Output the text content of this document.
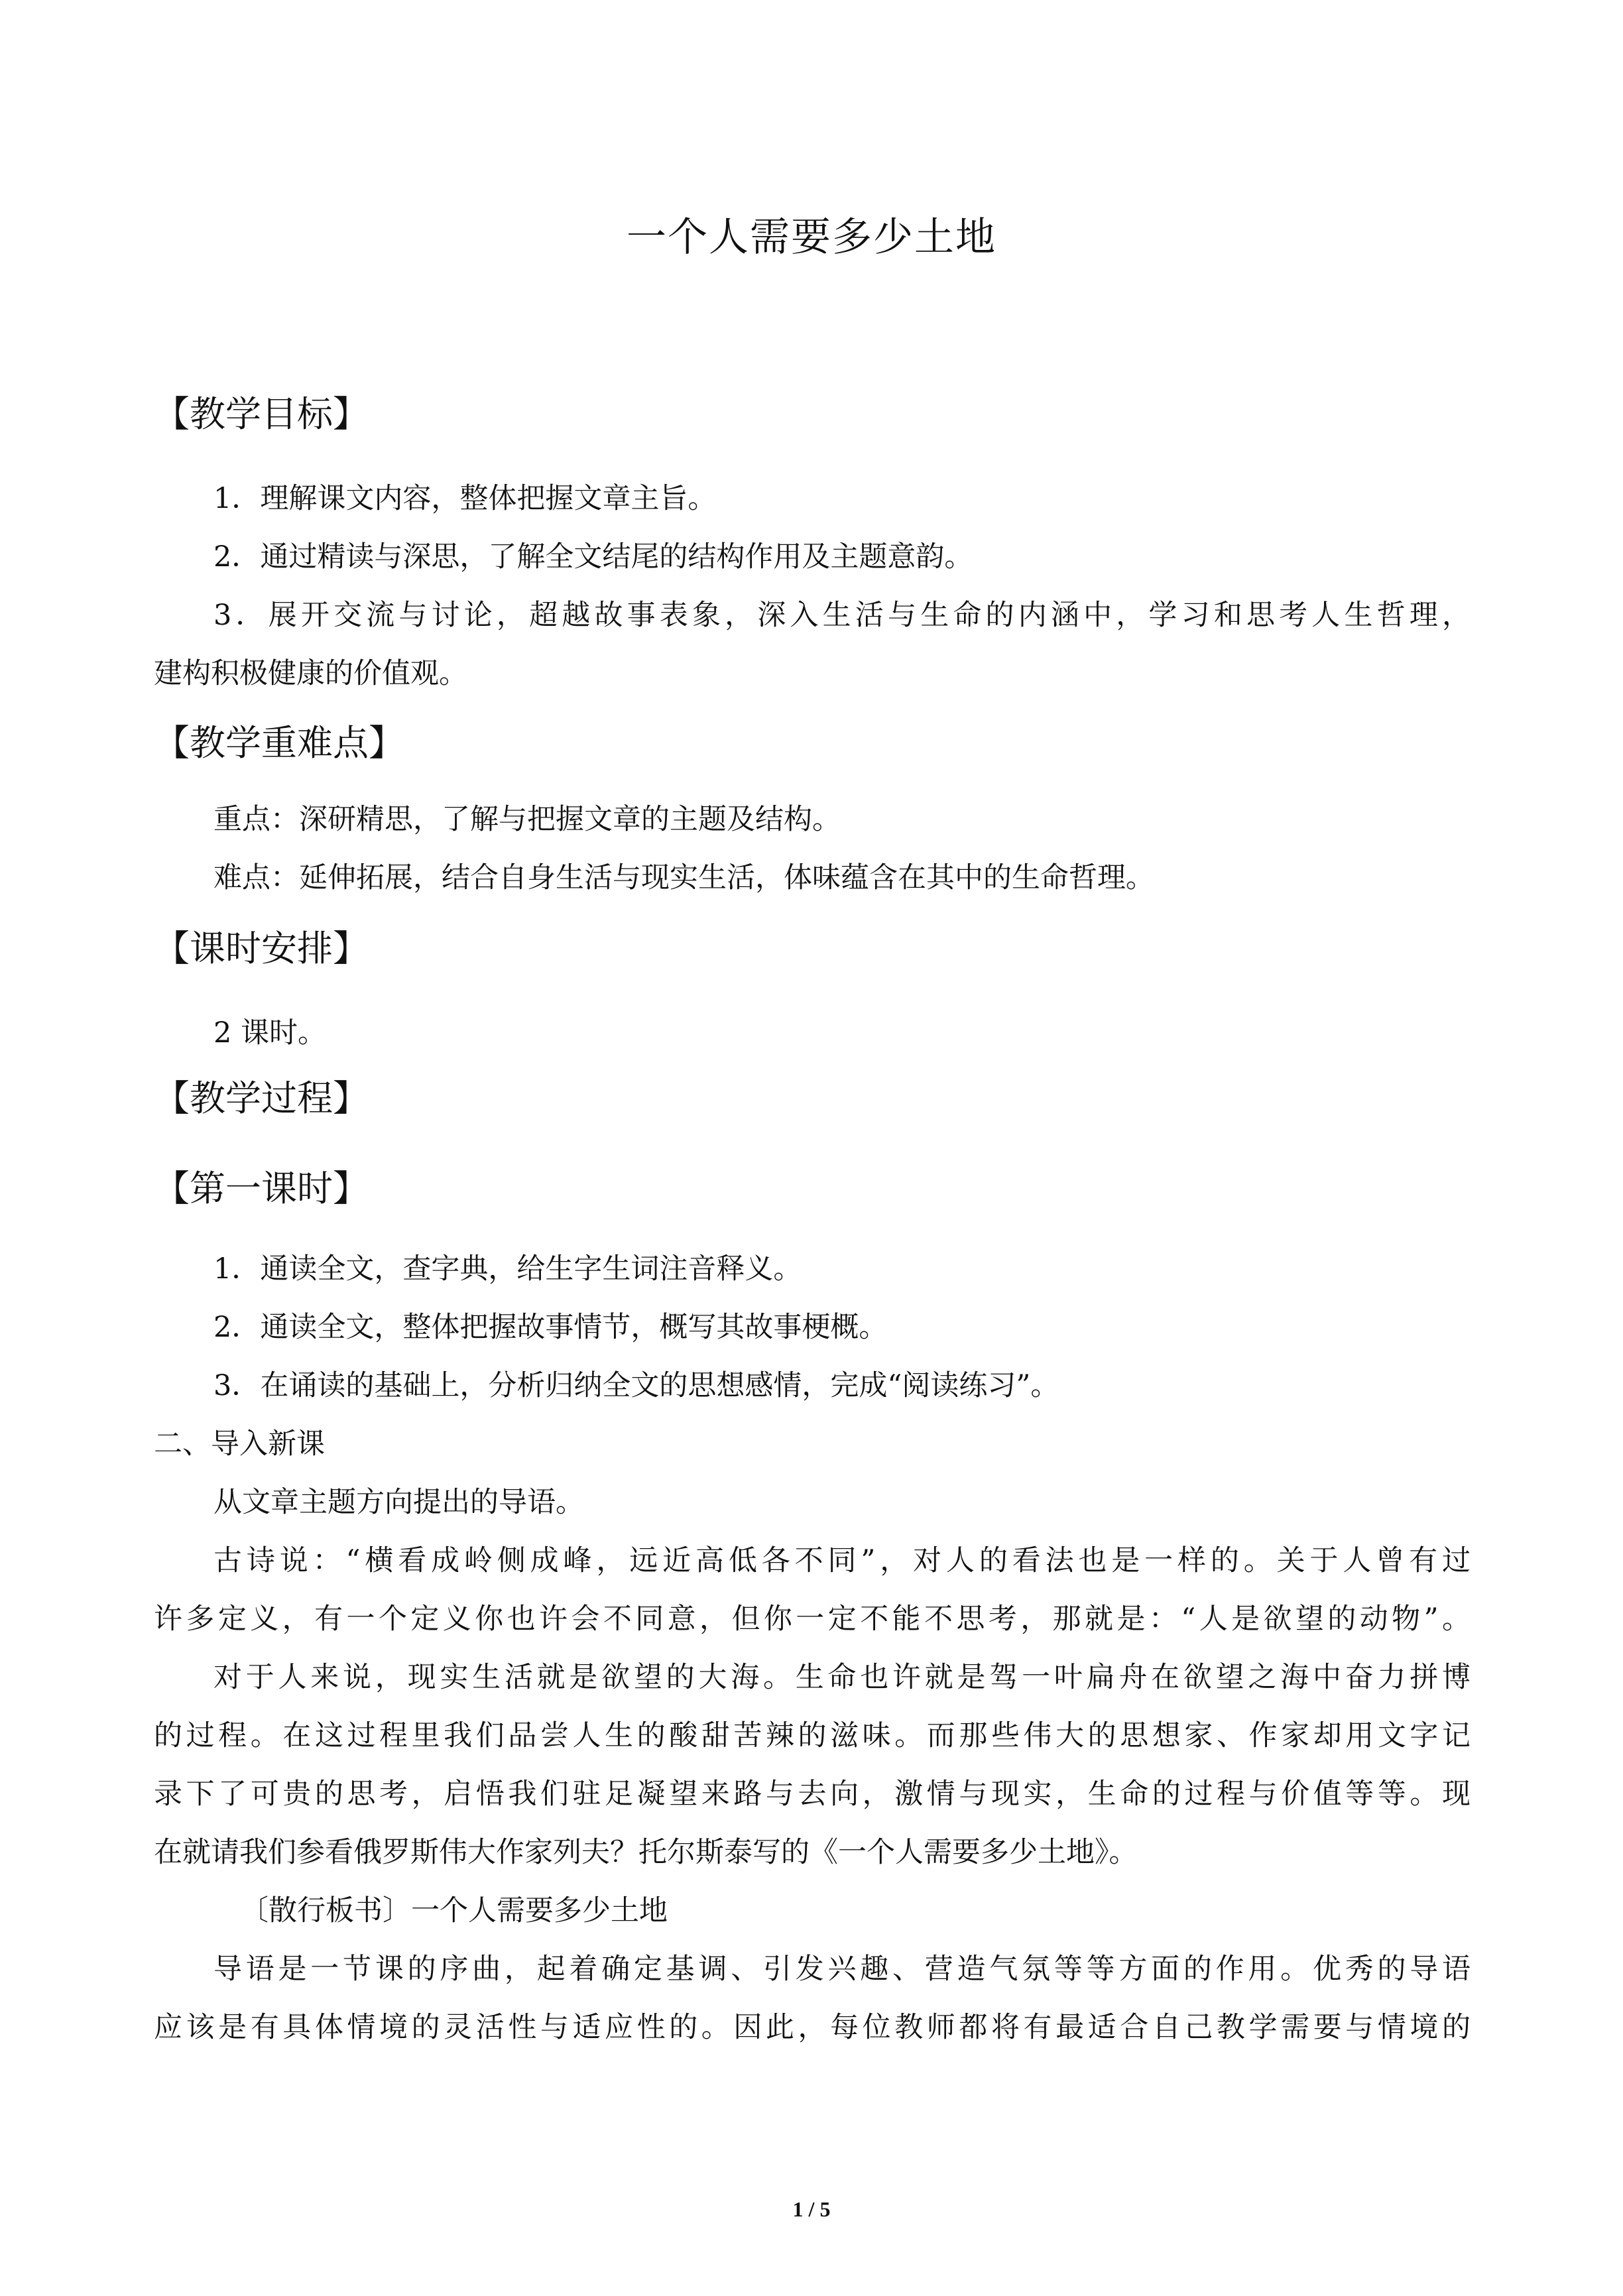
一个人需要多少土地
【教学目标】
1．理解课文内容，整体把握文章主旨。
2．通过精读与深思，了解全文结尾的结构作用及主题意韵。
3．展开交流与讨论，超越故事表象，深入生活与生命的内涵中，学习和思考人生哲理，
建构积极健康的价值观。
【教学重难点】
重点：深研精思，了解与把握文章的主题及结构。
难点：延伸拓展，结合自身生活与现实生活，体味蕴含在其中的生命哲理。
【课时安排】
2 课时。
【教学过程】
【第一课时】
1．通读全文，查字典，给生字生词注音释义。
2．通读全文，整体把握故事情节，概写其故事梗概。
3．在诵读的基础上，分析归纳全文的思想感情，完成“阅读练习”。
二、导入新课
从文章主题方向提出的导语。
古诗说：“横看成岭侧成峰，远近高低各不同”，对人的看法也是一样的。关于人曾有过
许多定义，有一个定义你也许会不同意，但你一定不能不思考，那就是：“人是欲望的动物”。
对于人来说，现实生活就是欲望的大海。生命也许就是驾一叶扁舟在欲望之海中奋力拼博
的过程。在这过程里我们品尝人生的酸甜苦辣的滋味。而那些伟大的思想家、作家却用文字记
录下了可贵的思考，启悟我们驻足凝望来路与去向，激情与现实，生命的过程与价值等等。现
在就请我们参看俄罗斯伟大作家列夫？托尔斯泰写的《一个人需要多少土地》。
〔散行板书〕一个人需要多少土地
导语是一节课的序曲，起着确定基调、引发兴趣、营造气氛等等方面的作用。优秀的导语
应该是有具体情境的灵活性与适应性的。因此，每位教师都将有最适合自己教学需要与情境的
1 / 5
